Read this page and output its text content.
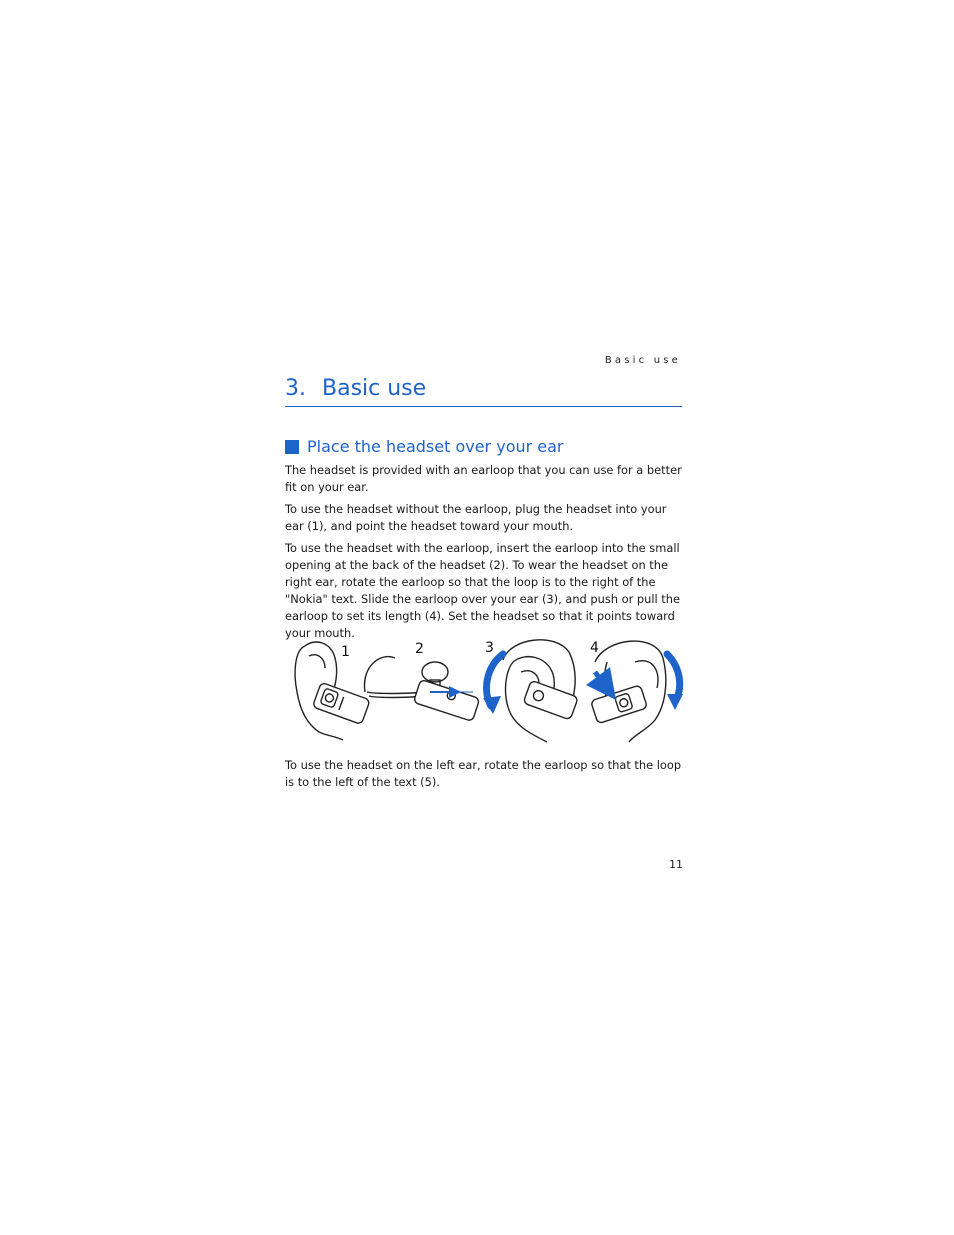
Basic use
3. Basic use
Place the headset over your ear

The headset is provided with an earloop that you can use for a better fit on your ear.

To use the headset without the earloop, plug the headset into your ear (1), and point the headset toward your mouth.

To use the headset with the earloop, insert the earloop into the small opening at the back of the headset (2). To wear the headset on the right ear, rotate the earloop so that the loop is to the right of the "Nokia" text. Slide the earloop over your ear (3), and push or pull the earloop to set its length (4). Set the headset so that it points toward your mouth.

1	2	3	4

To use the headset on the left ear, rotate the earloop so that the loop is to the left of the text (5).

11
